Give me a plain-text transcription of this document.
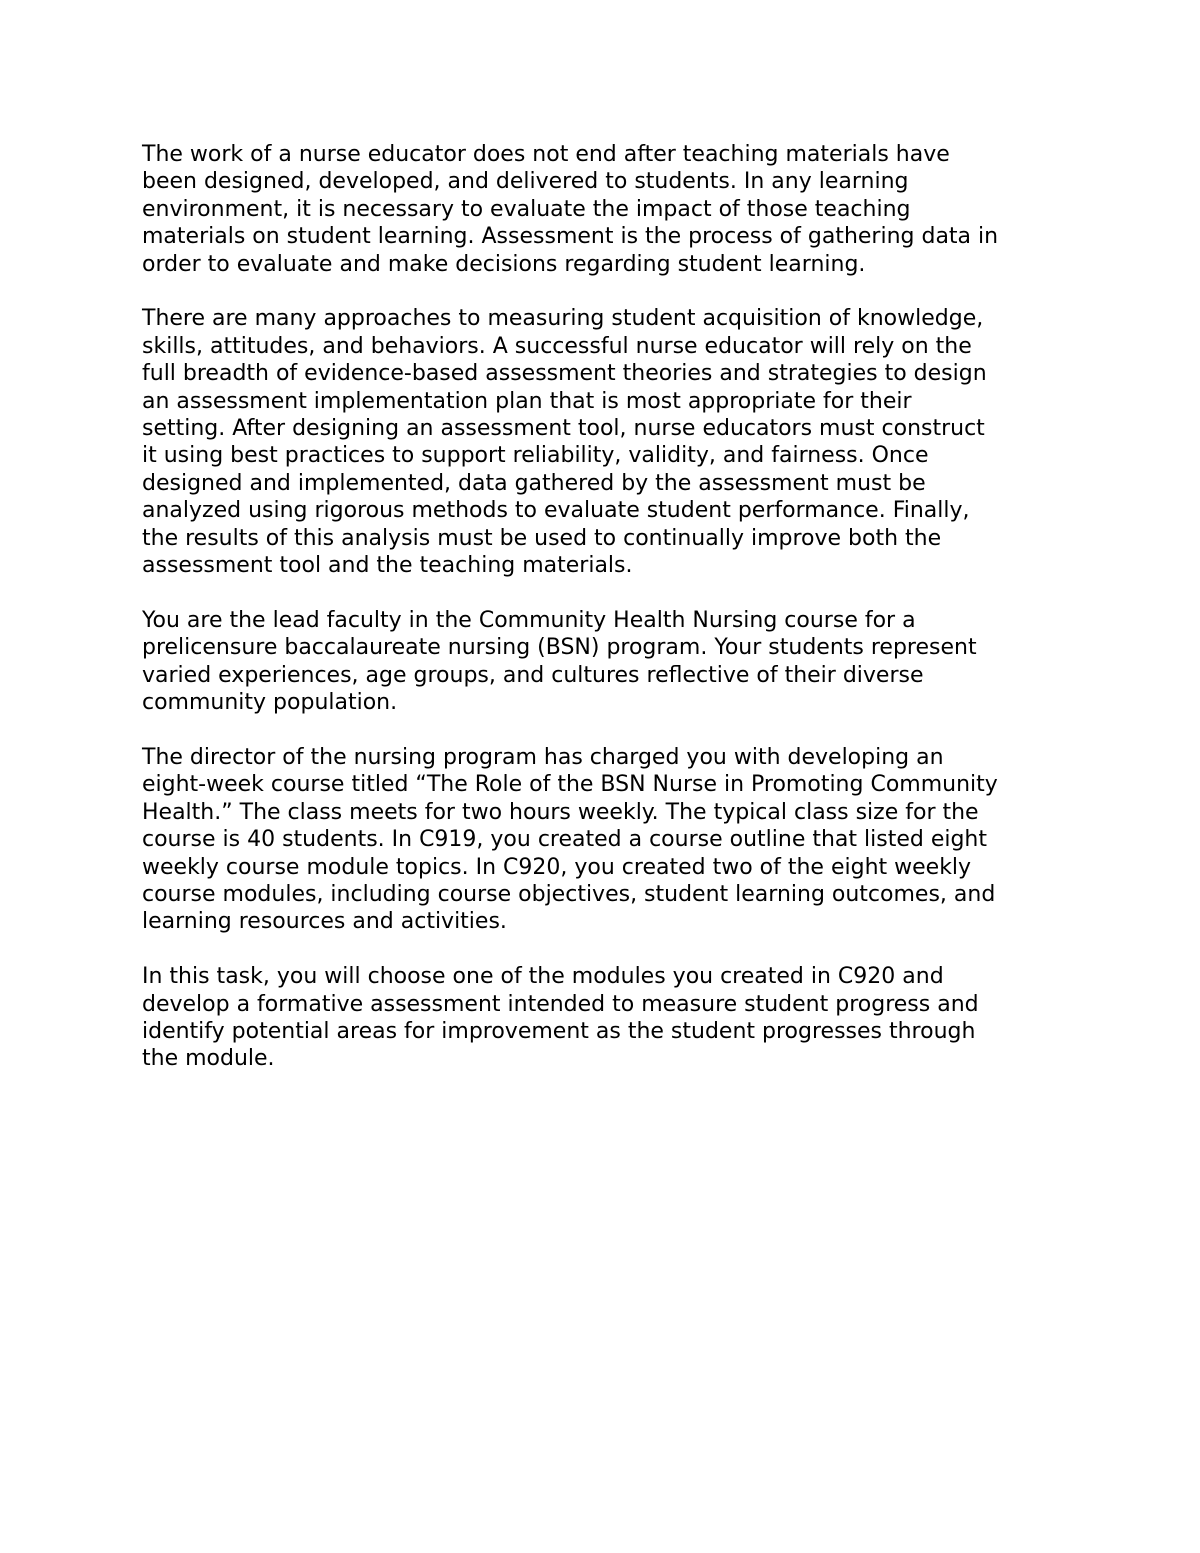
The work of a nurse educator does not end after teaching materials have
been designed, developed, and delivered to students. In any learning
environment, it is necessary to evaluate the impact of those teaching
materials on student learning. Assessment is the process of gathering data in
order to evaluate and make decisions regarding student learning.

There are many approaches to measuring student acquisition of knowledge,
skills, attitudes, and behaviors. A successful nurse educator will rely on the
full breadth of evidence-based assessment theories and strategies to design
an assessment implementation plan that is most appropriate for their
setting. After designing an assessment tool, nurse educators must construct
it using best practices to support reliability, validity, and fairness. Once
designed and implemented, data gathered by the assessment must be
analyzed using rigorous methods to evaluate student performance. Finally,
the results of this analysis must be used to continually improve both the
assessment tool and the teaching materials.

You are the lead faculty in the Community Health Nursing course for a
prelicensure baccalaureate nursing (BSN) program. Your students represent
varied experiences, age groups, and cultures reflective of their diverse
community population.

The director of the nursing program has charged you with developing an
eight-week course titled “The Role of the BSN Nurse in Promoting Community
Health.” The class meets for two hours weekly. The typical class size for the
course is 40 students. In C919, you created a course outline that listed eight
weekly course module topics. In C920, you created two of the eight weekly
course modules, including course objectives, student learning outcomes, and
learning resources and activities.

In this task, you will choose one of the modules you created in C920 and
develop a formative assessment intended to measure student progress and
identify potential areas for improvement as the student progresses through
the module.
